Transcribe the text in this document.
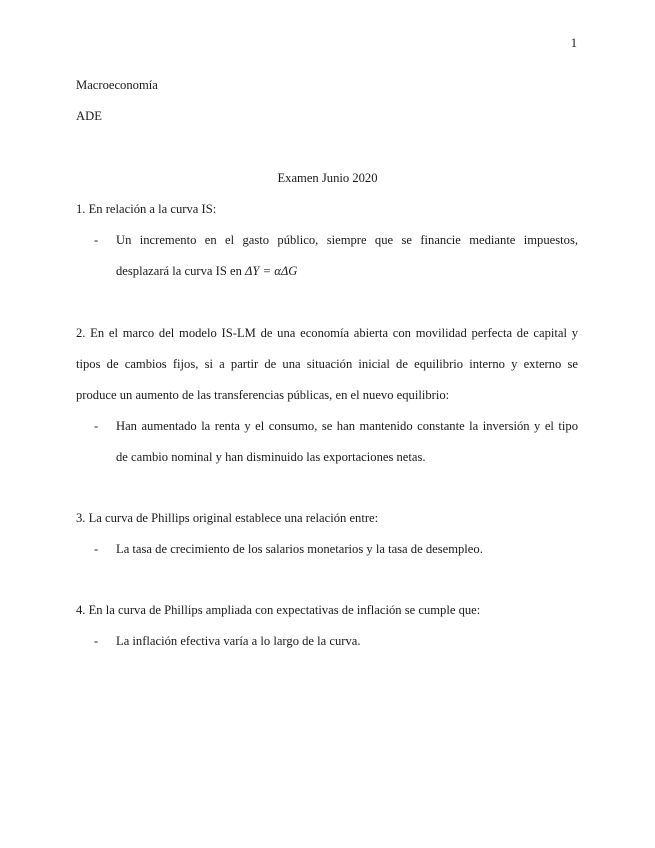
1
Macroeconomía
ADE
Examen Junio 2020
1. En relación a la curva IS:
- Un incremento en el gasto público, siempre que se financie mediante impuestos,
desplazará la curva IS en ΔY = αΔG
2. En el marco del modelo IS-LM de una economía abierta con movilidad perfecta de capital y
tipos de cambios fijos, si a partir de una situación inicial de equilibrio interno y externo se
produce un aumento de las transferencias públicas, en el nuevo equilibrio:
- Han aumentado la renta y el consumo, se han mantenido constante la inversión y el tipo
de cambio nominal y han disminuido las exportaciones netas.
3. La curva de Phillips original establece una relación entre:
- La tasa de crecimiento de los salarios monetarios y la tasa de desempleo.
4. En la curva de Phillips ampliada con expectativas de inflación se cumple que:
- La inflación efectiva varía a lo largo de la curva.
